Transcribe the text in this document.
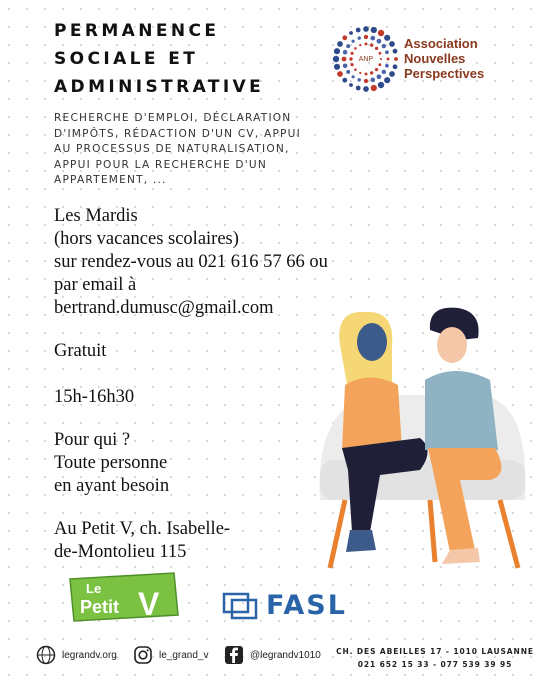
PERMANENCE
SOCIALE ET
ADMINISTRATIVE
ANP
Association
Nouvelles
Perspectives
RECHERCHE D'EMPLOI, DÉCLARATION
D'IMPÔTS, RÉDACTION D'UN CV, APPUI
AU PROCESSUS DE NATURALISATION,
APPUI POUR LA RECHERCHE D'UN
APPARTEMENT, ...
Les Mardis
(hors vacances scolaires)
sur rendez-vous au 021 616 57 66 ou
par email à
bertrand.dumusc@gmail.com
Gratuit
15h-16h30
Pour qui ?
Toute personne
en ayant besoin
Au Petit V, ch. Isabelle-
de-Montolieu 115
Le
Petit V	FASL
legrandv.org	le_grand_v	@legrandv1010 CH. DES ABEILLES 17 - 1010 LAUSANNE
021 652 15 33 - 077 539 39 95
